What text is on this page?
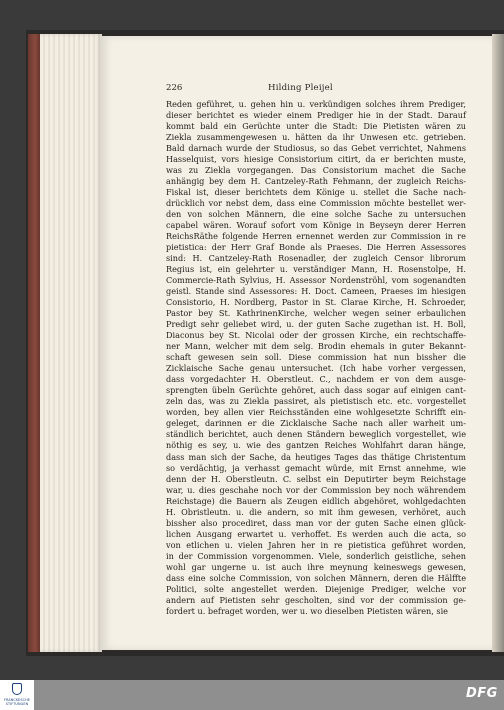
226	Hilding Pleijel
Reden geführet, u. gehen hin u. verkündigen solches ihrem Prediger,
dieser berichtet es wieder einem Prediger hie in der Stadt. Darauf
kommt bald ein Gerüchte unter die Stadt: Die Pietisten wären zu
Ziekla zusammengewesen u. hätten da ihr Unwesen etc. getrieben.
Bald darnach wurde der Studiosus, so das Gebet verrichtet, Nahmens
Hasselquist, vors hiesige Consistorium citirt, da er berichten muste,
was zu Ziekla vorgegangen. Das Consistorium machet die Sache
anhängig bey dem H. Cantzeley-Rath Fehmann, der zugleich Reichs-
Fiskal ist, dieser berichtets dem Könige u. stellet die Sache nach-
drücklich vor nebst dem, dass eine Commission möchte bestellet wer-
den von solchen Männern, die eine solche Sache zu untersuchen
capabel wären. Worauf sofort vom Könige in Beyseyn derer Herren
ReichsRäthe folgende Herren ernennet werden zur Commission in re
pietistica: der Herr Graf Bonde als Praeses. Die Herren Assessores
sind: H. Cantzeley-Rath Rosenadler, der zugleich Censor librorum
Regius ist, ein gelehrter u. verständiger Mann, H. Rosenstolpe, H.
Commercie-Rath Sylvius, H. Assessor Nordenströhl, vom sogenandten
geistl. Stande sind Assessores: H. Doct. Cameen, Praeses im hiesigen
Consistorio, H. Nordberg, Pastor in St. Clarae Kirche, H. Schroeder,
Pastor bey St. KathrinenKirche, welcher wegen seiner erbaulichen
Predigt sehr geliebet wird, u. der guten Sache zugethan ist. H. Boll,
Diaconus bey St. Nicolai oder der grossen Kirche, ein rechtschaffe-
ner Mann, welcher mit dem selg. Brodin ehemals in guter Bekannt-
schaft gewesen sein soll. Diese commission hat nun bissher die
Zicklaische Sache genau untersuchet. (Ich habe vorher vergessen,
dass vorgedachter H. Oberstleut. C., nachdem er von dem ausge-
sprengten übeln Gerüchte gehöret, auch dass sogar auf einigen cant-
zeln das, was zu Ziekla passiret, als pietistisch etc. etc. vorgestellet
worden, bey allen vier Reichsständen eine wohlgesetzte Schrifft ein-
geleget, darinnen er die Zicklaische Sache nach aller warheit um-
ständlich berichtet, auch denen Ständern beweglich vorgestellet, wie
nöthig es sey, u. wie des gantzen Reiches Wohlfahrt daran hänge,
dass man sich der Sache, da heutiges Tages das thätige Christentum
so verdächtig, ja verhasst gemacht würde, mit Ernst annehme, wie
denn der H. Oberstleutn. C. selbst ein Deputirter beym Reichstage
war, u. dies geschahe noch vor der Commission bey noch währendem
Reichstage) die Bauern als Zeugen eidlich abgehöret, wohlgedachten
H. Obristleutn. u. die andern, so mit ihm gewesen, verhöret, auch
bissher also procediret, dass man vor der guten Sache einen glück-
lichen Ausgang erwartet u. verhoffet. Es werden auch die acta, so
von etlichen u. vielen Jahren her in re pietistica geführet worden,
in der Commission vorgenommen. Viele, sonderlich geistliche, sehen
wohl gar ungerne u. ist auch ihre meynung keineswegs gewesen,
dass eine solche Commission, von solchen Männern, deren die Hälffte
Politici, solte angestellet werden. Diejenige Prediger, welche vor
andern auf Pietisten sehr gescholten, sind vor der commission ge-
fordert u. befraget worden, wer u. wo dieselben Pietisten wären, sie
FRANCKESCHE STIFTUNGEN
DFG
